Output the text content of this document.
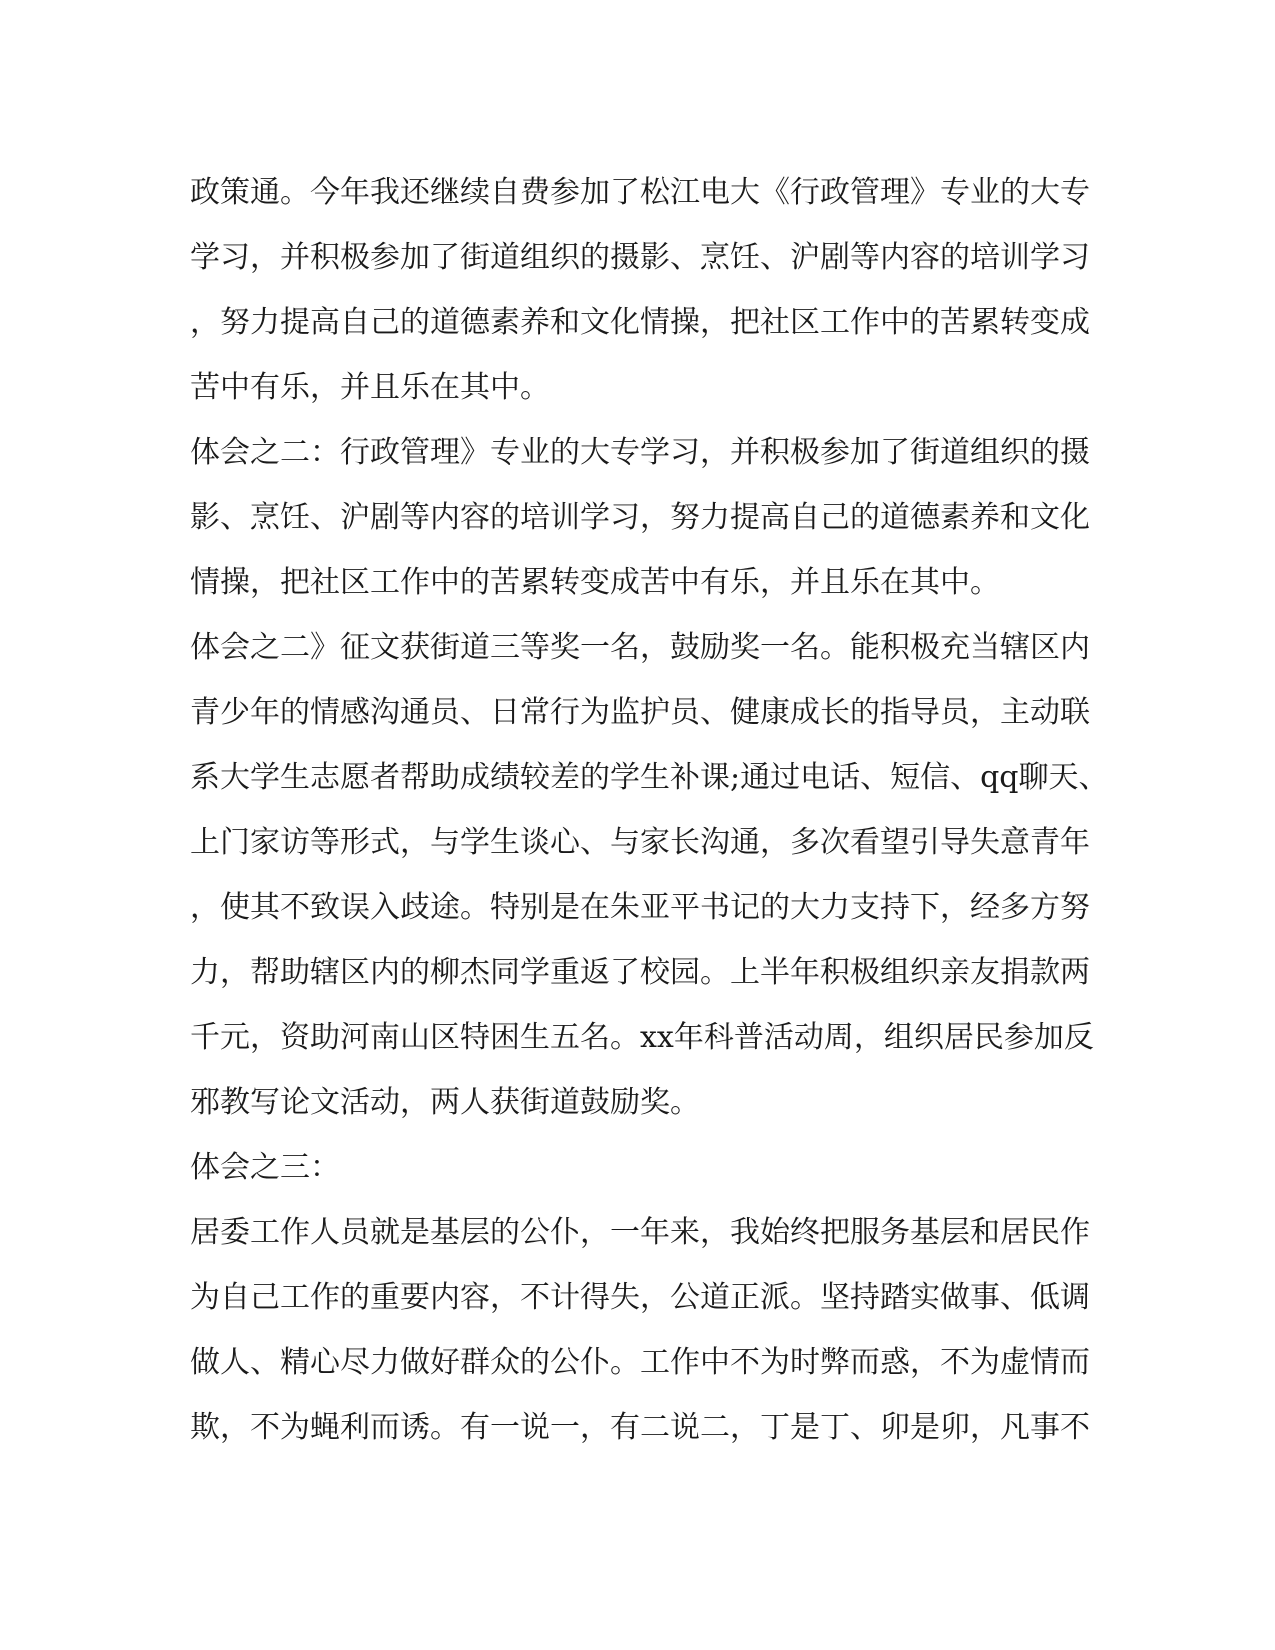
政策通。今年我还继续自费参加了松江电大《行政管理》专业的大专
学习，并积极参加了街道组织的摄影、烹饪、沪剧等内容的培训学习
，努力提高自己的道德素养和文化情操，把社区工作中的苦累转变成
苦中有乐，并且乐在其中。
体会之二：行政管理》专业的大专学习，并积极参加了街道组织的摄
影、烹饪、沪剧等内容的培训学习，努力提高自己的道德素养和文化
情操，把社区工作中的苦累转变成苦中有乐，并且乐在其中。
体会之二》征文获街道三等奖一名，鼓励奖一名。能积极充当辖区内
青少年的情感沟通员、日常行为监护员、健康成长的指导员，主动联
系大学生志愿者帮助成绩较差的学生补课;通过电话、短信、qq聊天、
上门家访等形式，与学生谈心、与家长沟通，多次看望引导失意青年
，使其不致误入歧途。特别是在朱亚平书记的大力支持下，经多方努
力，帮助辖区内的柳杰同学重返了校园。上半年积极组织亲友捐款两
千元，资助河南山区特困生五名。xx年科普活动周，组织居民参加反
邪教写论文活动，两人获街道鼓励奖。
体会之三：
居委工作人员就是基层的公仆，一年来，我始终把服务基层和居民作
为自己工作的重要内容，不计得失，公道正派。坚持踏实做事、低调
做人、精心尽力做好群众的公仆。工作中不为时弊而惑，不为虚情而
欺，不为蝇利而诱。有一说一，有二说二，丁是丁、卯是卯，凡事不
